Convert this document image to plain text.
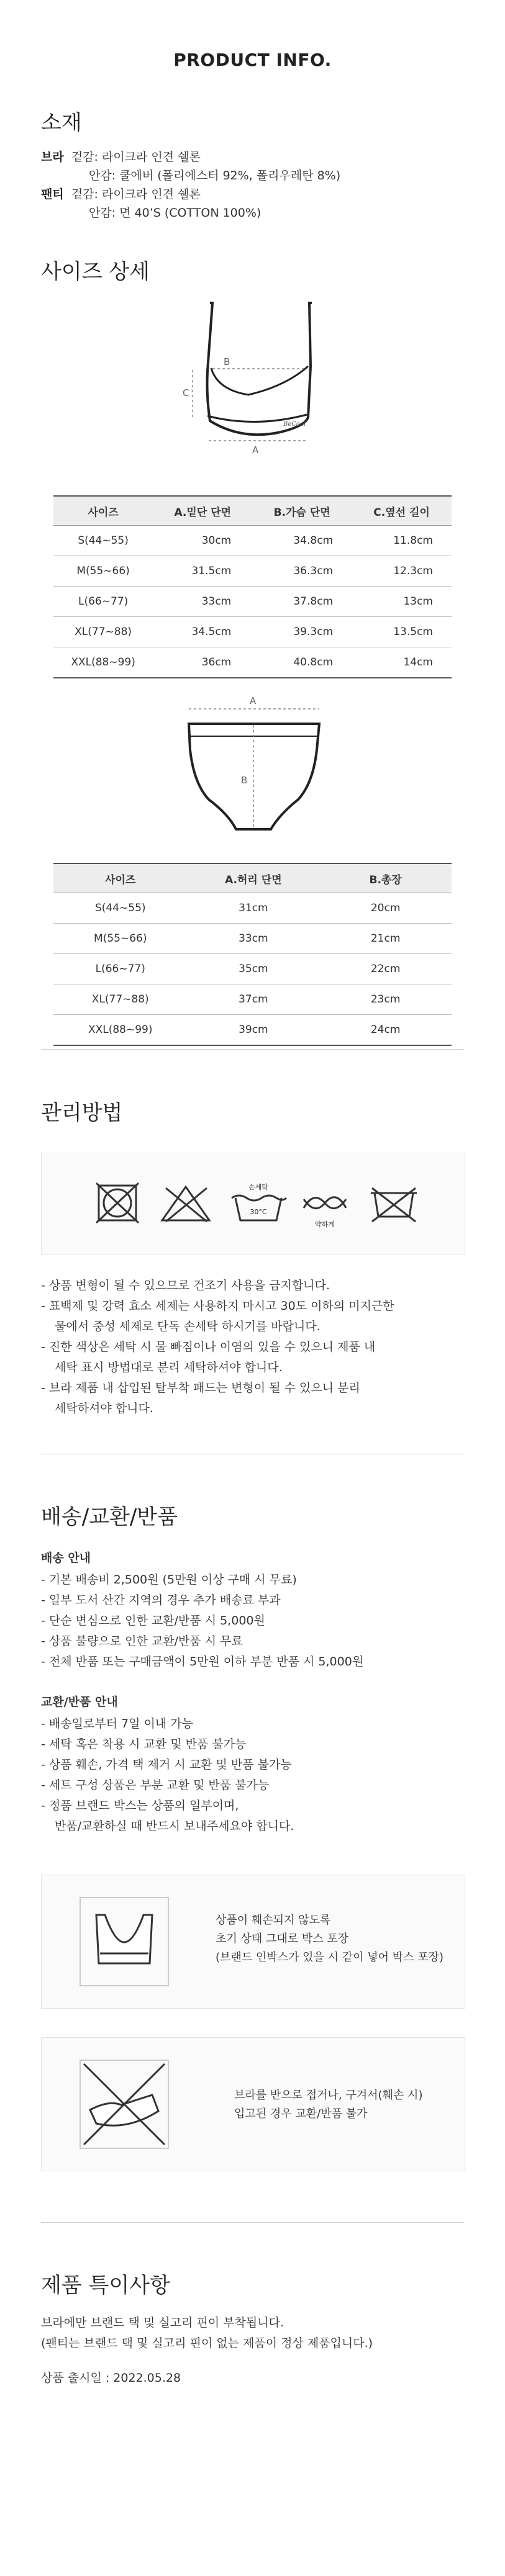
PRODUCT INFO.
소재
브라 겉감: 라이크라 인견 쉘론
안감: 쿨에버 (폴리에스터 92%, 폴리우레탄 8%)
팬티 겉감: 라이크라 인견 쉘론
안감: 면 40’S (COTTON 100%)
사이즈 상세
B
C
A
BeCool
사이즈	A.밑단 단면	B.가슴 단면	C.옆선 길이
S(44~55)	30cm	34.8cm	11.8cm
M(55~66)	31.5cm	36.3cm	12.3cm
L(66~77)	33cm	37.8cm	13cm
XL(77~88)	34.5cm	39.3cm	13.5cm
XXL(88~99)	36cm	40.8cm	14cm
A
B
사이즈	A.허리 단면	B.총장
S(44~55)	31cm	20cm
M(55~66)	33cm	21cm
L(66~77)	35cm	22cm
XL(77~88)	37cm	23cm
XXL(88~99)	39cm	24cm
관리방법
손세탁
30°C
약하게
- 상품 변형이 될 수 있으므로 건조기 사용을 금지합니다.
- 표백제 및 강력 효소 세제는 사용하지 마시고 30도 이하의 미지근한
물에서 중성 세제로 단독 손세탁 하시기를 바랍니다.
- 진한 색상은 세탁 시 물 빠짐이나 이염의 있을 수 있으니 제품 내
세탁 표시 방법대로 분리 세탁하셔야 합니다.
- 브라 제품 내 삽입된 탈부착 패드는 변형이 될 수 있으니 분리
세탁하셔야 합니다.
배송/교환/반품
배송 안내
- 기본 배송비 2,500원 (5만원 이상 구매 시 무료)
- 일부 도서 산간 지역의 경우 추가 배송료 부과
- 단순 변심으로 인한 교환/반품 시 5,000원
- 상품 불량으로 인한 교환/반품 시 무료
- 전체 반품 또는 구매금액이 5만원 이하 부분 반품 시 5,000원
교환/반품 안내
- 배송일로부터 7일 이내 가능
- 세탁 혹은 착용 시 교환 및 반품 불가능
- 상품 훼손, 가격 택 제거 시 교환 및 반품 불가능
- 세트 구성 상품은 부분 교환 및 반품 불가능
- 정품 브랜드 박스는 상품의 일부이며,
반품/교환하실 때 반드시 보내주세요야 합니다.
상품이 훼손되지 않도록
초기 상태 그대로 박스 포장
(브랜드 인박스가 있을 시 같이 넣어 박스 포장)
브라를 반으로 접거나, 구겨서(훼손 시)
입고된 경우 교환/반품 불가
제품 특이사항
브라에만 브랜드 택 및 실고리 핀이 부착됩니다.
(팬티는 브랜드 택 및 실고리 핀이 없는 제품이 정상 제품입니다.)
상품 출시일 : 2022.05.28
